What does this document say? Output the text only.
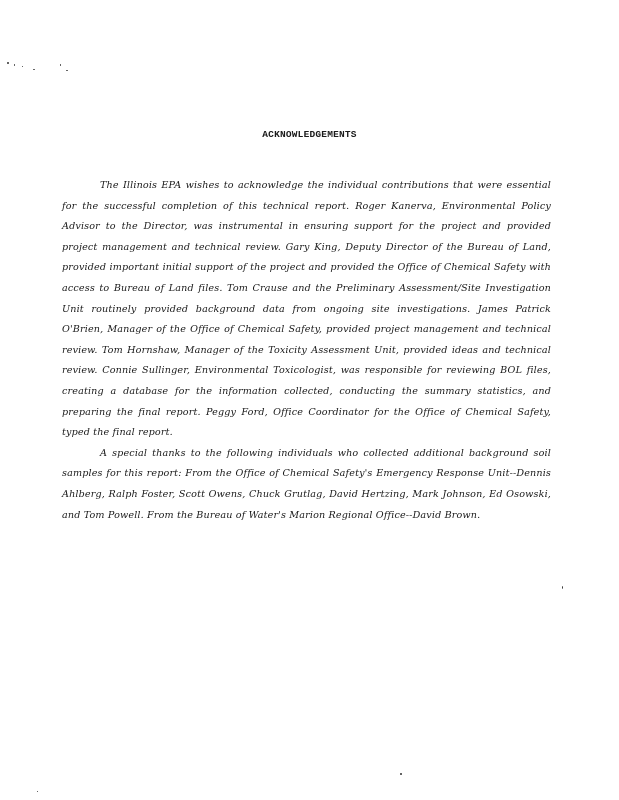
ACKNOWLEDGEMENTS

The Illinois EPA wishes to acknowledge the individual contributions that were essential for the successful completion of this technical report. Roger Kanerva, Environmental Policy Advisor to the Director, was instrumental in ensuring support for the project and provided project management and technical review. Gary King, Deputy Director of the Bureau of Land, provided important initial support of the project and provided the Office of Chemical Safety with access to Bureau of Land files. Tom Crause and the Preliminary Assessment/Site Investigation Unit routinely provided background data from ongoing site investigations. James Patrick O'Brien, Manager of the Office of Chemical Safety, provided project management and technical review. Tom Hornshaw, Manager of the Toxicity Assessment Unit, provided ideas and technical review. Connie Sullinger, Environmental Toxicologist, was responsible for reviewing BOL files, creating a database for the information collected, conducting the summary statistics, and preparing the final report. Peggy Ford, Office Coordinator for the Office of Chemical Safety, typed the final report.

A special thanks to the following individuals who collected additional background soil samples for this report: From the Office of Chemical Safety's Emergency Response Unit--Dennis Ahlberg, Ralph Foster, Scott Owens, Chuck Grutlag, David Hertzing, Mark Johnson, Ed Osowski, and Tom Powell. From the Bureau of Water's Marion Regional Office--David Brown.
